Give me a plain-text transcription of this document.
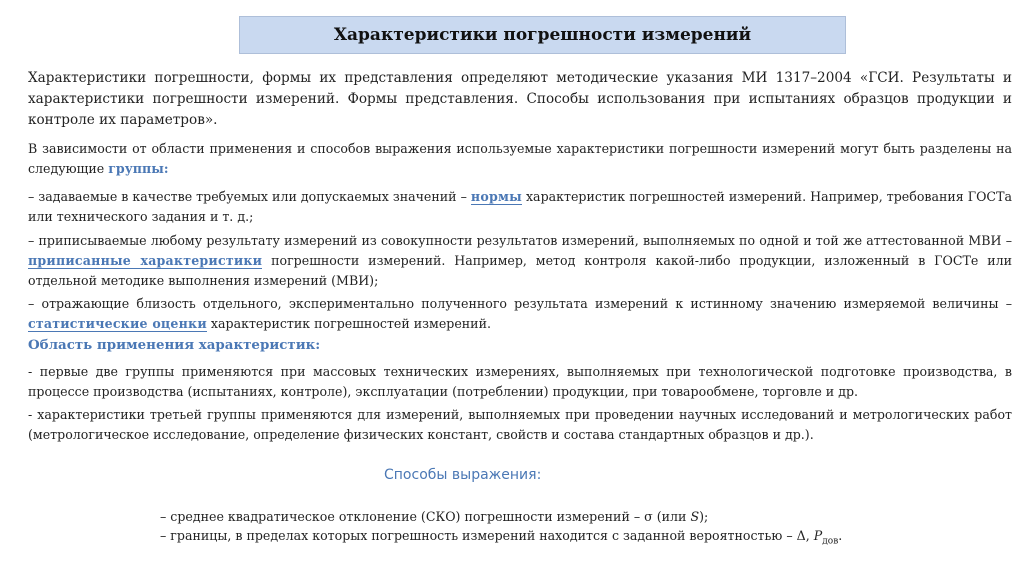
Характеристики погрешности измерений
Характеристики погрешности, формы их представления определяют методические указания МИ 1317–2004 «ГСИ. Результаты и характеристики погрешности измерений. Формы представления. Способы использования при испытаниях образцов продукции и контроле их параметров».
В зависимости от области применения и способов выражения используемые характеристики погрешности измерений могут быть разделены на следующие группы:
– задаваемые в качестве требуемых или допускаемых значений – нормы характеристик погрешностей измерений. Например, требования ГОСТа или технического задания и т. д.;
– приписываемые любому результату измерений из совокупности результатов измерений, выполняемых по одной и той же аттестованной МВИ – приписанные характеристики погрешности измерений. Например, метод контроля какой-либо продукции, изложенный в ГОСТе или отдельной методике выполнения измерений (МВИ);
– отражающие близость отдельного, экспериментально полученного результата измерений к истинному значению измеряемой величины – статистические оценки характеристик погрешностей измерений.
Область применения характеристик:
- первые две группы применяются при массовых технических измерениях, выполняемых при технологической подготовке производства, в процессе производства (испытаниях, контроле), эксплуатации (потреблении) продукции, при товарообмене, торговле и др.
- характеристики третьей группы применяются для измерений, выполняемых при проведении научных исследований и метрологических работ (метрологическое исследование, определение физических констант, свойств и состава стандартных образцов и др.).
Способы выражения:
– среднее квадратическое отклонение (СКО) погрешности измерений – σ (или S);
– границы, в пределах которых погрешность измерений находится с заданной вероятностью – Δ, $P_{дов}$.
